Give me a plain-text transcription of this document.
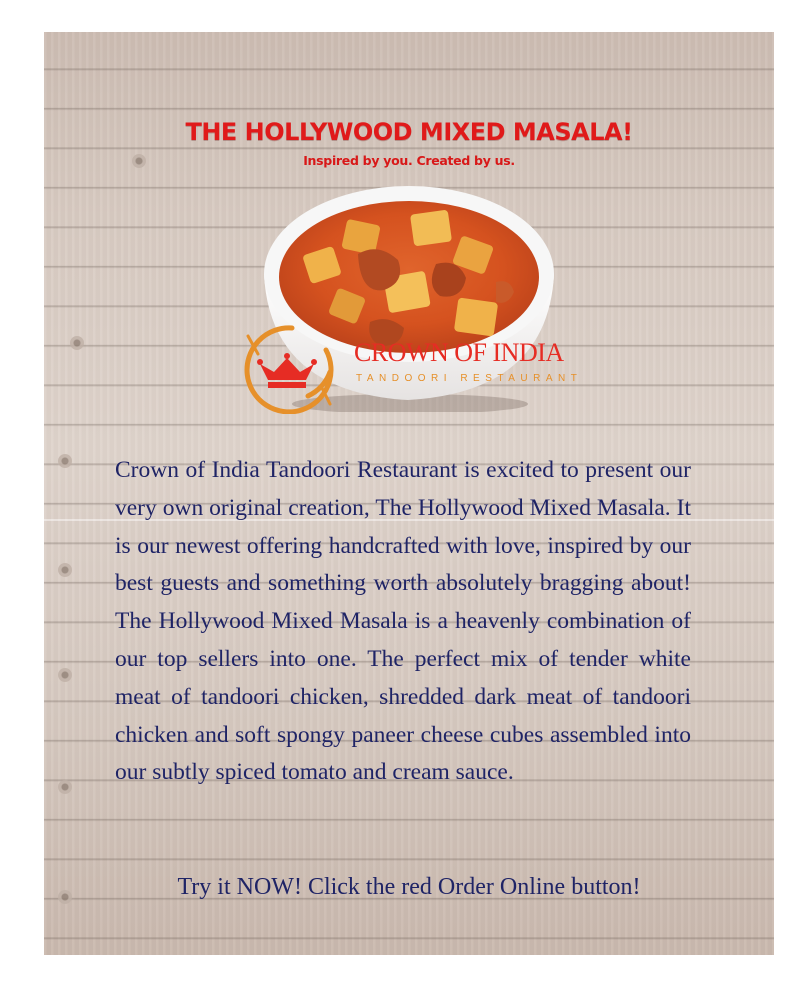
THE HOLLYWOOD MIXED MASALA!
Inspired by you. Created by us.
CROWN OF INDIA
TANDOORI RESTAURANT

Crown of India Tandoori Restaurant is excited to present our very own original creation, The Hollywood Mixed Masala. It is our newest offering handcrafted with love, inspired by our best guests and something worth absolutely bragging about! The Hollywood Mixed Masala is a heavenly combination of our top sellers into one. The perfect mix of tender white meat of tandoori chicken, shredded dark meat of tandoori chicken and soft spongy paneer cheese cubes assembled into our subtly spiced tomato and cream sauce.

Try it NOW! Click the red Order Online button!
